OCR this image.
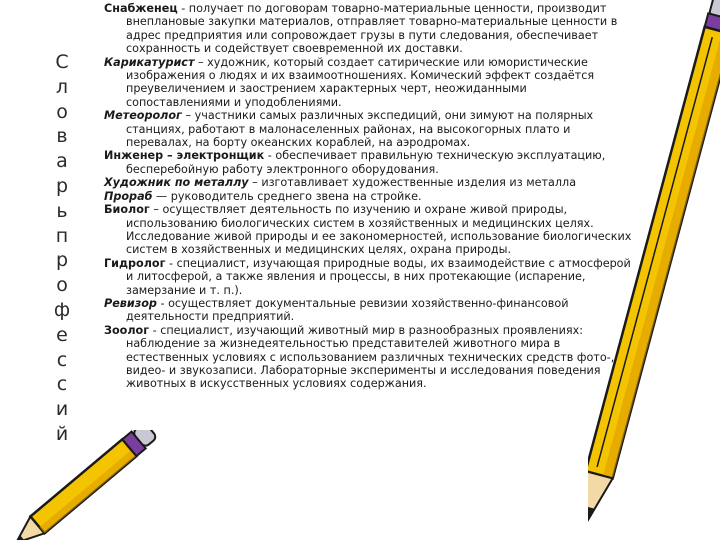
С
л
о
в
а
р
ь
п
р
о
ф
е
с
с
и
й

Снабженец - получает по договорам товарно-материальные ценности, производит внеплановые закупки материалов, отправляет товарно-материальные ценности в адрес предприятия или сопровождает грузы в пути следования, обеспечивает сохранность и содействует своевременной их доставки.

Карикатурист – художник, который создает сатирические или юмористические изображения о людях и их взаимоотношениях. Комический эффект создаётся преувеличением и заострением характерных черт, неожиданными сопоставлениями и уподоблениями.

Метеоролог – участники самых различных экспедиций, они зимуют на полярных станциях, работают в малонаселенных районах, на высокогорных плато и перевалах, на борту океанских кораблей, на аэродромах.

Инженер – электронщик - обеспечивает правильную техническую эксплуатацию, бесперебойную работу электронного оборудования.

Художник по металлу – изготавливает художественные изделия из металла

Прораб — руководитель среднего звена на стройке.

Биолог – осуществляет деятельность по изучению и охране живой природы, использованию биологических систем в хозяйственных и медицинских целях. Исследование живой природы и ее закономерностей, использование биологических систем в хозяйственных и медицинских целях, охрана природы.

Гидролог - специалист, изучающая природные воды, их взаимодействие с атмосферой и литосферой, а также явления и процессы, в них протекающие (испарение, замерзание и т. п.).

Ревизор - осуществляет документальные ревизии хозяйственно-финансовой деятельности предприятий.

Зоолог - специалист, изучающий животный мир в разнообразных проявлениях: наблюдение за жизнедеятельностью представителей животного мира в естественных условиях с использованием различных технических средств фото-, видео- и звукозаписи. Лабораторные эксперименты и исследования поведения животных в искусственных условиях содержания.
